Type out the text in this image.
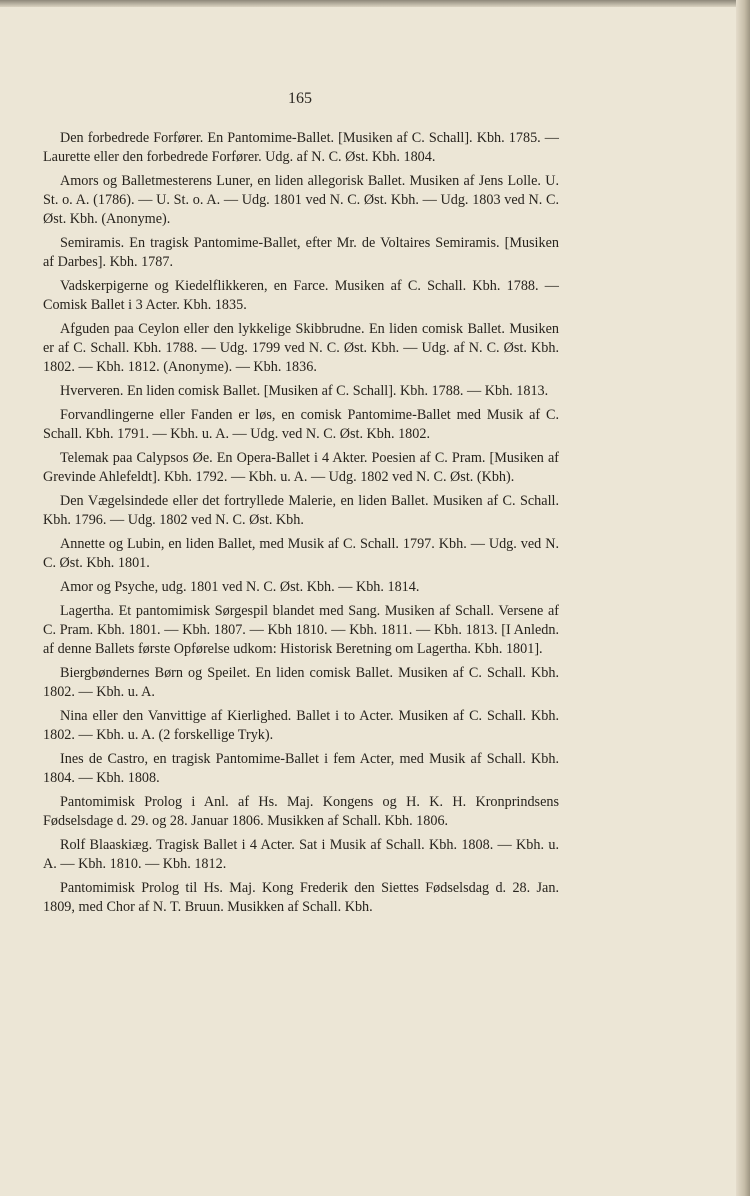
165

Den forbedrede Forfører. En Pantomime-Ballet. [Musiken af C. Schall]. Kbh. 1785. — Laurette eller den forbedrede Forfører. Udg. af N. C. Øst. Kbh. 1804.

Amors og Balletmesterens Luner, en liden allegorisk Ballet. Musiken af Jens Lolle. U. St. o. A. (1786). — U. St. o. A. — Udg. 1801 ved N. C. Øst. Kbh. — Udg. 1803 ved N. C. Øst. Kbh. (Anonyme).

Semiramis. En tragisk Pantomime-Ballet, efter Mr. de Voltaires Semiramis. [Musiken af Darbes]. Kbh. 1787.

Vadskerpigerne og Kiedelflikkeren, en Farce. Musiken af C. Schall. Kbh. 1788. — Comisk Ballet i 3 Acter. Kbh. 1835.

Afguden paa Ceylon eller den lykkelige Skibbrudne. En liden comisk Ballet. Musiken er af C. Schall. Kbh. 1788. — Udg. 1799 ved N. C. Øst. Kbh. — Udg. af N. C. Øst. Kbh. 1802. — Kbh. 1812. (Anonyme). — Kbh. 1836.

Hververen. En liden comisk Ballet. [Musiken af C. Schall]. Kbh. 1788. — Kbh. 1813.

Forvandlingerne eller Fanden er løs, en comisk Pantomime-Ballet med Musik af C. Schall. Kbh. 1791. — Kbh. u. A. — Udg. ved N. C. Øst. Kbh. 1802.

Telemak paa Calypsos Øe. En Opera-Ballet i 4 Akter. Poesien af C. Pram. [Musiken af Grevinde Ahlefeldt]. Kbh. 1792. — Kbh. u. A. — Udg. 1802 ved N. C. Øst. (Kbh).

Den Vægelsindede eller det fortryllede Malerie, en liden Ballet. Musiken af C. Schall. Kbh. 1796. — Udg. 1802 ved N. C. Øst. Kbh.

Annette og Lubin, en liden Ballet, med Musik af C. Schall. 1797. Kbh. — Udg. ved N. C. Øst. Kbh. 1801.

Amor og Psyche, udg. 1801 ved N. C. Øst. Kbh. — Kbh. 1814.

Lagertha. Et pantomimisk Sørgespil blandet med Sang. Musiken af Schall. Versene af C. Pram. Kbh. 1801. — Kbh. 1807. — Kbh 1810. — Kbh. 1811. — Kbh. 1813. [I Anledn. af denne Ballets første Opførelse udkom: Historisk Beretning om Lagertha. Kbh. 1801].

Biergbøndernes Børn og Speilet. En liden comisk Ballet. Musiken af C. Schall. Kbh. 1802. — Kbh. u. A.

Nina eller den Vanvittige af Kierlighed. Ballet i to Acter. Musiken af C. Schall. Kbh. 1802. — Kbh. u. A. (2 forskellige Tryk).

Ines de Castro, en tragisk Pantomime-Ballet i fem Acter, med Musik af Schall. Kbh. 1804. — Kbh. 1808.

Pantomimisk Prolog i Anl. af Hs. Maj. Kongens og H. K. H. Kronprindsens Fødselsdage d. 29. og 28. Januar 1806. Musikken af Schall. Kbh. 1806.

Rolf Blaaskiæg. Tragisk Ballet i 4 Acter. Sat i Musik af Schall. Kbh. 1808. — Kbh. u. A. — Kbh. 1810. — Kbh. 1812.

Pantomimisk Prolog til Hs. Maj. Kong Frederik den Siettes Fødselsdag d. 28. Jan. 1809, med Chor af N. T. Bruun. Musikken af Schall. Kbh.
